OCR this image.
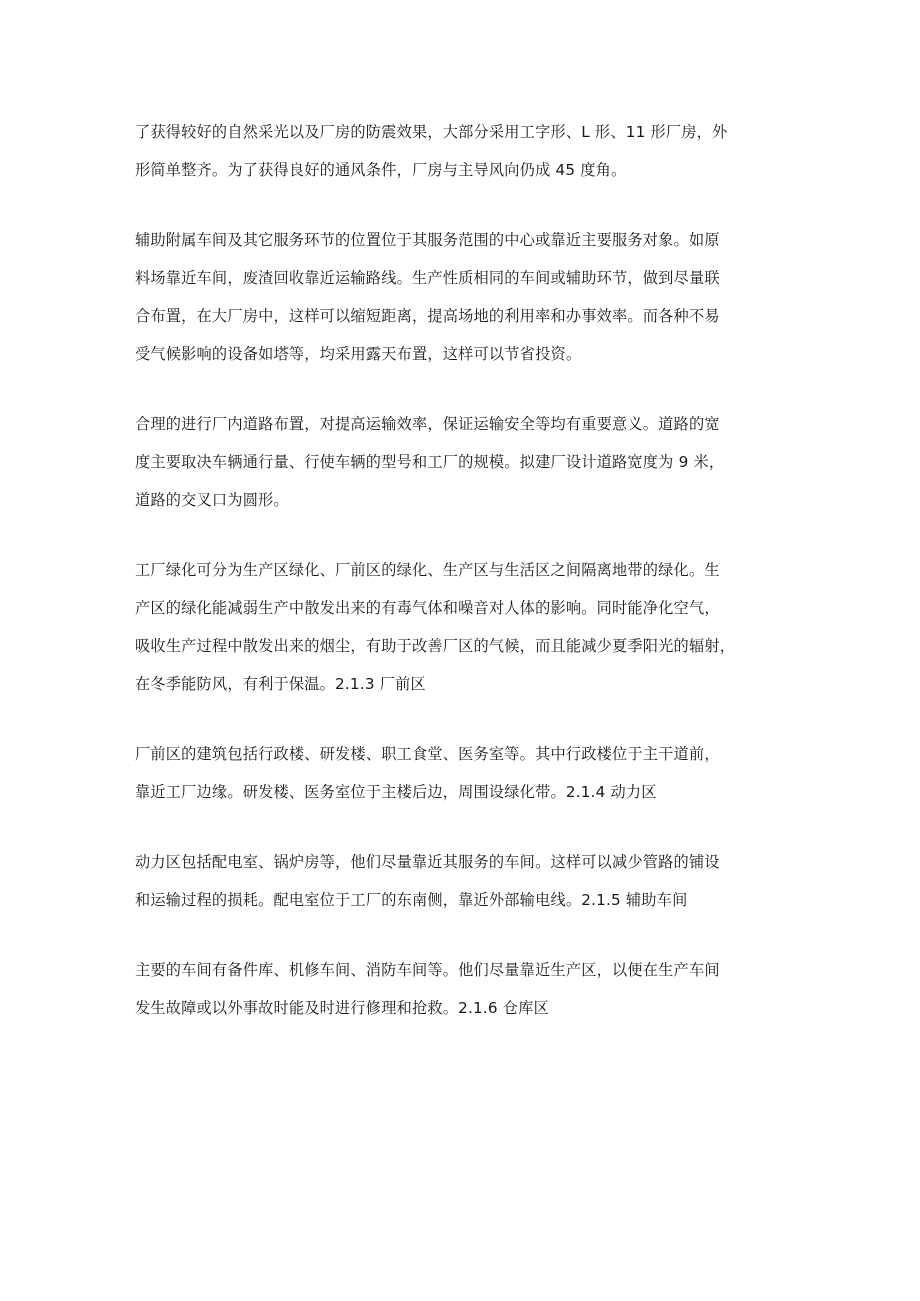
了获得较好的自然采光以及厂房的防震效果，大部分采用工字形、L 形、11 形厂房，外
形简单整齐。为了获得良好的通风条件，厂房与主导风向仍成 45 度角。

辅助附属车间及其它服务环节的位置位于其服务范围的中心或靠近主要服务对象。如原
料场靠近车间，废渣回收靠近运输路线。生产性质相同的车间或辅助环节，做到尽量联
合布置，在大厂房中，这样可以缩短距离，提高场地的利用率和办事效率。而各种不易
受气候影响的设备如塔等，均采用露天布置，这样可以节省投资。

合理的进行厂内道路布置，对提高运输效率，保证运输安全等均有重要意义。道路的宽
度主要取决车辆通行量、行使车辆的型号和工厂的规模。拟建厂设计道路宽度为 9 米，
道路的交叉口为圆形。

工厂绿化可分为生产区绿化、厂前区的绿化、生产区与生活区之间隔离地带的绿化。生
产区的绿化能减弱生产中散发出来的有毒气体和噪音对人体的影响。同时能净化空气，
吸收生产过程中散发出来的烟尘，有助于改善厂区的气候，而且能减少夏季阳光的辐射，
在冬季能防风，有利于保温。2.1.3 厂前区

厂前区的建筑包括行政楼、研发楼、职工食堂、医务室等。其中行政楼位于主干道前，
靠近工厂边缘。研发楼、医务室位于主楼后边，周围设绿化带。2.1.4 动力区

动力区包括配电室、锅炉房等，他们尽量靠近其服务的车间。这样可以减少管路的铺设
和运输过程的损耗。配电室位于工厂的东南侧，靠近外部输电线。2.1.5 辅助车间

主要的车间有备件库、机修车间、消防车间等。他们尽量靠近生产区，以便在生产车间
发生故障或以外事故时能及时进行修理和抢救。2.1.6 仓库区
